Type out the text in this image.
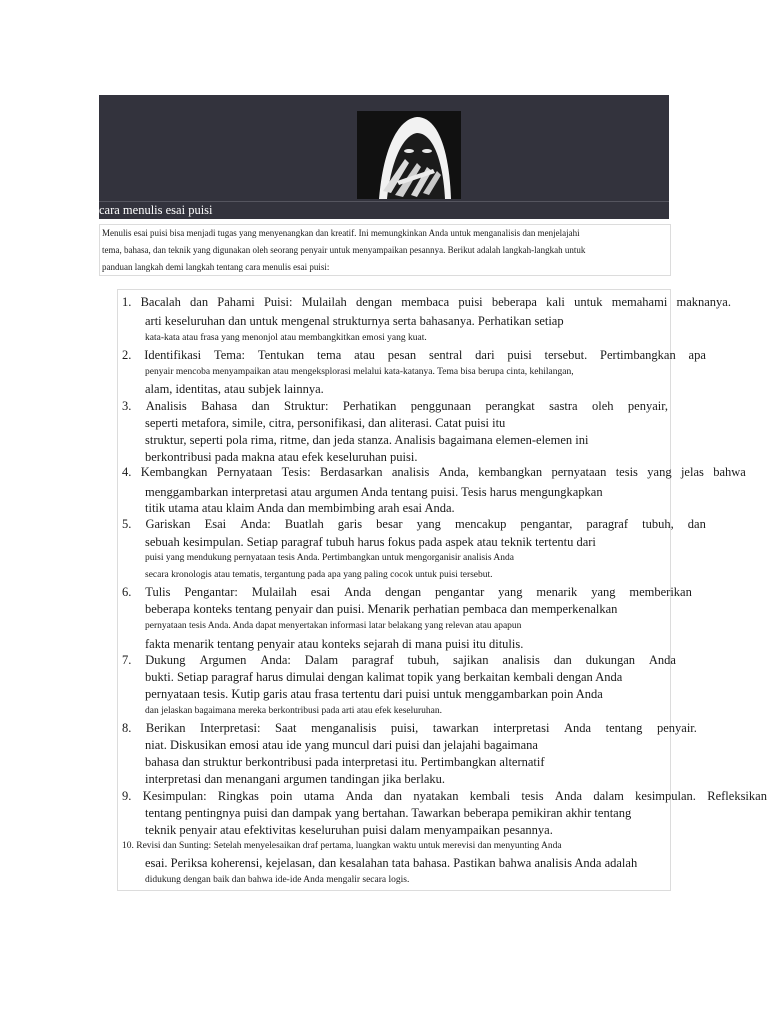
cara menulis esai puisi

Menulis esai puisi bisa menjadi tugas yang menyenangkan dan kreatif. Ini memungkinkan Anda untuk menganalisis dan menjelajahi

tema, bahasa, dan teknik yang digunakan oleh seorang penyair untuk menyampaikan pesannya. Berikut adalah langkah-langkah untuk

panduan langkah demi langkah tentang cara menulis esai puisi:

1. Bacalah dan Pahami Puisi: Mulailah dengan membaca puisi beberapa kali untuk memahami maknanya.
arti keseluruhan dan untuk mengenal strukturnya serta bahasanya. Perhatikan setiap
kata-kata atau frasa yang menonjol atau membangkitkan emosi yang kuat.
2. Identifikasi Tema: Tentukan tema atau pesan sentral dari puisi tersebut. Pertimbangkan apa
penyair mencoba menyampaikan atau mengeksplorasi melalui kata-katanya. Tema bisa berupa cinta, kehilangan,
alam, identitas, atau subjek lainnya.
3. Analisis Bahasa dan Struktur: Perhatikan penggunaan perangkat sastra oleh penyair,
seperti metafora, simile, citra, personifikasi, dan aliterasi. Catat puisi itu
struktur, seperti pola rima, ritme, dan jeda stanza. Analisis bagaimana elemen-elemen ini
berkontribusi pada makna atau efek keseluruhan puisi.
4. Kembangkan Pernyataan Tesis: Berdasarkan analisis Anda, kembangkan pernyataan tesis yang jelas bahwa
menggambarkan interpretasi atau argumen Anda tentang puisi. Tesis harus mengungkapkan
titik utama atau klaim Anda dan membimbing arah esai Anda.
5. Gariskan Esai Anda: Buatlah garis besar yang mencakup pengantar, paragraf tubuh, dan
sebuah kesimpulan. Setiap paragraf tubuh harus fokus pada aspek atau teknik tertentu dari
puisi yang mendukung pernyataan tesis Anda. Pertimbangkan untuk mengorganisir analisis Anda
secara kronologis atau tematis, tergantung pada apa yang paling cocok untuk puisi tersebut.
6. Tulis Pengantar: Mulailah esai Anda dengan pengantar yang menarik yang memberikan
beberapa konteks tentang penyair dan puisi. Menarik perhatian pembaca dan memperkenalkan
pernyataan tesis Anda. Anda dapat menyertakan informasi latar belakang yang relevan atau apapun
fakta menarik tentang penyair atau konteks sejarah di mana puisi itu ditulis.
7. Dukung Argumen Anda: Dalam paragraf tubuh, sajikan analisis dan dukungan Anda
bukti. Setiap paragraf harus dimulai dengan kalimat topik yang berkaitan kembali dengan Anda
pernyataan tesis. Kutip garis atau frasa tertentu dari puisi untuk menggambarkan poin Anda
dan jelaskan bagaimana mereka berkontribusi pada arti atau efek keseluruhan.
8. Berikan Interpretasi: Saat menganalisis puisi, tawarkan interpretasi Anda tentang penyair.
niat. Diskusikan emosi atau ide yang muncul dari puisi dan jelajahi bagaimana
bahasa dan struktur berkontribusi pada interpretasi itu. Pertimbangkan alternatif
interpretasi dan menangani argumen tandingan jika berlaku.
9. Kesimpulan: Ringkas poin utama Anda dan nyatakan kembali tesis Anda dalam kesimpulan. Refleksikan
tentang pentingnya puisi dan dampak yang bertahan. Tawarkan beberapa pemikiran akhir tentang
teknik penyair atau efektivitas keseluruhan puisi dalam menyampaikan pesannya.
10. Revisi dan Sunting: Setelah menyelesaikan draf pertama, luangkan waktu untuk merevisi dan menyunting Anda
esai. Periksa koherensi, kejelasan, dan kesalahan tata bahasa. Pastikan bahwa analisis Anda adalah
didukung dengan baik dan bahwa ide-ide Anda mengalir secara logis.
